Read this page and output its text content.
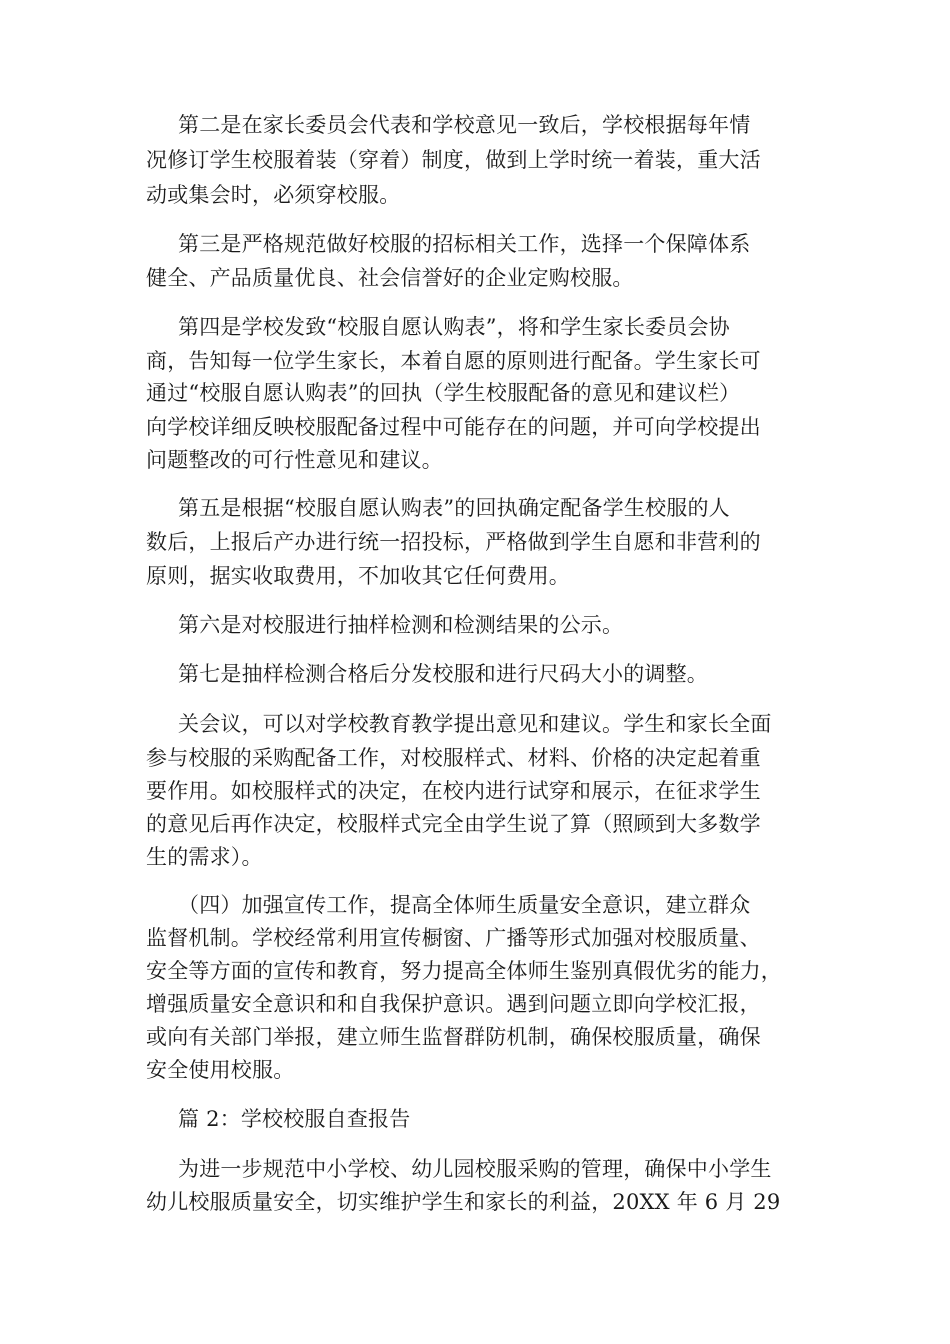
第二是在家长委员会代表和学校意见一致后，学校根据每年情
况修订学生校服着装（穿着）制度，做到上学时统一着装，重大活
动或集会时，必须穿校服。
第三是严格规范做好校服的招标相关工作，选择一个保障体系
健全、产品质量优良、社会信誉好的企业定购校服。
第四是学校发致“校服自愿认购表”，将和学生家长委员会协
商，告知每一位学生家长，本着自愿的原则进行配备。学生家长可
通过“校服自愿认购表”的回执（学生校服配备的意见和建议栏）
向学校详细反映校服配备过程中可能存在的问题，并可向学校提出
问题整改的可行性意见和建议。
第五是根据“校服自愿认购表”的回执确定配备学生校服的人
数后，上报后产办进行统一招投标，严格做到学生自愿和非营利的
原则，据实收取费用，不加收其它任何费用。
第六是对校服进行抽样检测和检测结果的公示。
第七是抽样检测合格后分发校服和进行尺码大小的调整。
关会议，可以对学校教育教学提出意见和建议。学生和家长全面
参与校服的采购配备工作，对校服样式、材料、价格的决定起着重
要作用。如校服样式的决定，在校内进行试穿和展示，在征求学生
的意见后再作决定，校服样式完全由学生说了算（照顾到大多数学
生的需求）。
（四）加强宣传工作，提高全体师生质量安全意识，建立群众
监督机制。学校经常利用宣传橱窗、广播等形式加强对校服质量、
安全等方面的宣传和教育，努力提高全体师生鉴别真假优劣的能力，
增强质量安全意识和和自我保护意识。遇到问题立即向学校汇报，
或向有关部门举报，建立师生监督群防机制，确保校服质量，确保
安全使用校服。
篇 2：学校校服自查报告
为进一步规范中小学校、幼儿园校服采购的管理，确保中小学生
幼儿校服质量安全，切实维护学生和家长的利益，20XX 年 6 月 29
